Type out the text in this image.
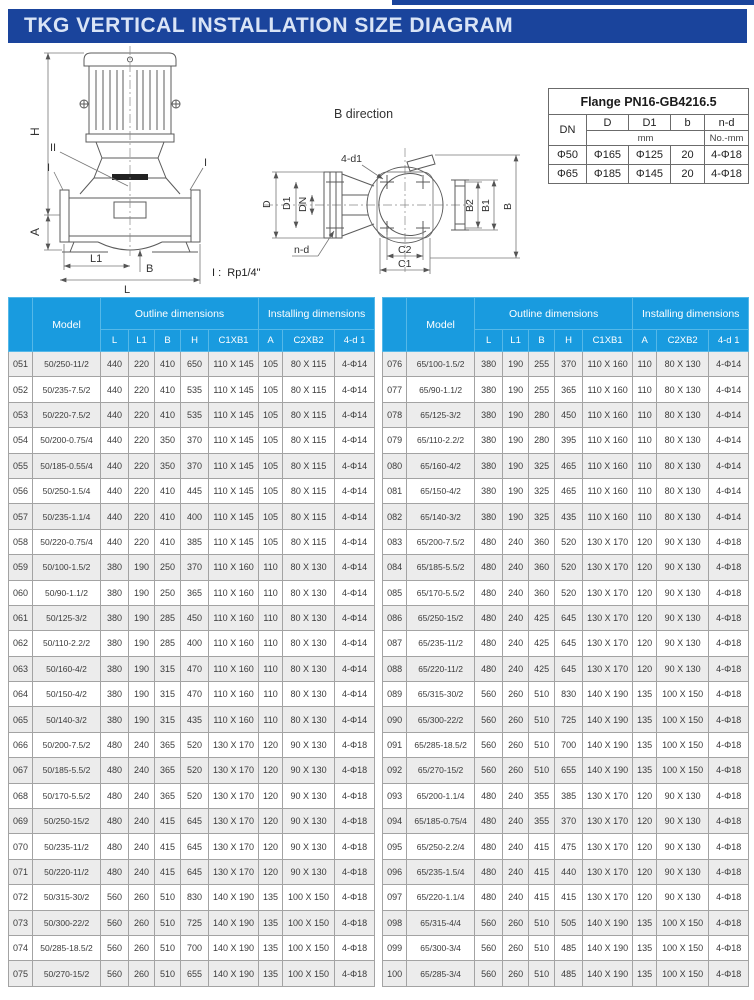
TKG VERTICAL INSTALLATION SIZE DIAGRAM
H
A
L1
L
B
I
II
I

I :  Rp1/4"

B direction
4-d1
n-d
D D1 DN	B2 B1 B
C2
C1
Flange PN16-GB4216.5				
DN	D	D1	b	n-d
	mm			No.-mm
Φ50	Φ165	Φ125	20	4-Φ18
Φ65	Φ185	Φ145	20	4-Φ18
	Model	Outline dimensions					Installing dimensions		
		L	L1	B	H	C1XB1	A	C2XB2	4-d 1
051	50/250-11/2	440	220	410	650	110 X 145	105	80 X 115	4-Φ14
052	50/235-7.5/2	440	220	410	535	110 X 145	105	80 X 115	4-Φ14
053	50/220-7.5/2	440	220	410	535	110 X 145	105	80 X 115	4-Φ14
054	50/200-0.75/4	440	220	350	370	110 X 145	105	80 X 115	4-Φ14
055	50/185-0.55/4	440	220	350	370	110 X 145	105	80 X 115	4-Φ14
056	50/250-1.5/4	440	220	410	445	110 X 145	105	80 X 115	4-Φ14
057	50/235-1.1/4	440	220	410	400	110 X 145	105	80 X 115	4-Φ14
058	50/220-0.75/4	440	220	410	385	110 X 145	105	80 X 115	4-Φ14
059	50/100-1.5/2	380	190	250	370	110 X 160	110	80 X 130	4-Φ14
060	50/90-1.1/2	380	190	250	365	110 X 160	110	80 X 130	4-Φ14
061	50/125-3/2	380	190	285	450	110 X 160	110	80 X 130	4-Φ14
062	50/110-2.2/2	380	190	285	400	110 X 160	110	80 X 130	4-Φ14
063	50/160-4/2	380	190	315	470	110 X 160	110	80 X 130	4-Φ14
064	50/150-4/2	380	190	315	470	110 X 160	110	80 X 130	4-Φ14
065	50/140-3/2	380	190	315	435	110 X 160	110	80 X 130	4-Φ14
066	50/200-7.5/2	480	240	365	520	130 X 170	120	90 X 130	4-Φ18
067	50/185-5.5/2	480	240	365	520	130 X 170	120	90 X 130	4-Φ18
068	50/170-5.5/2	480	240	365	520	130 X 170	120	90 X 130	4-Φ18
069	50/250-15/2	480	240	415	645	130 X 170	120	90 X 130	4-Φ18
070	50/235-11/2	480	240	415	645	130 X 170	120	90 X 130	4-Φ18
071	50/220-11/2	480	240	415	645	130 X 170	120	90 X 130	4-Φ18
072	50/315-30/2	560	260	510	830	140 X 190	135	100 X 150	4-Φ18
073	50/300-22/2	560	260	510	725	140 X 190	135	100 X 150	4-Φ18
074	50/285-18.5/2	560	260	510	700	140 X 190	135	100 X 150	4-Φ18
075	50/270-15/2	560	260	510	655	140 X 190	135	100 X 150	4-Φ18
	Model	Outline dimensions					Installing dimensions		
		L	L1	B	H	C1XB1	A	C2XB2	4-d 1
076	65/100-1.5/2	380	190	255	370	110 X 160	110	80 X 130	4-Φ14
077	65/90-1.1/2	380	190	255	365	110 X 160	110	80 X 130	4-Φ14
078	65/125-3/2	380	190	280	450	110 X 160	110	80 X 130	4-Φ14
079	65/110-2.2/2	380	190	280	395	110 X 160	110	80 X 130	4-Φ14
080	65/160-4/2	380	190	325	465	110 X 160	110	80 X 130	4-Φ14
081	65/150-4/2	380	190	325	465	110 X 160	110	80 X 130	4-Φ14
082	65/140-3/2	380	190	325	435	110 X 160	110	80 X 130	4-Φ14
083	65/200-7.5/2	480	240	360	520	130 X 170	120	90 X 130	4-Φ18
084	65/185-5.5/2	480	240	360	520	130 X 170	120	90 X 130	4-Φ18
085	65/170-5.5/2	480	240	360	520	130 X 170	120	90 X 130	4-Φ18
086	65/250-15/2	480	240	425	645	130 X 170	120	90 X 130	4-Φ18
087	65/235-11/2	480	240	425	645	130 X 170	120	90 X 130	4-Φ18
088	65/220-11/2	480	240	425	645	130 X 170	120	90 X 130	4-Φ18
089	65/315-30/2	560	260	510	830	140 X 190	135	100 X 150	4-Φ18
090	65/300-22/2	560	260	510	725	140 X 190	135	100 X 150	4-Φ18
091	65/285-18.5/2	560	260	510	700	140 X 190	135	100 X 150	4-Φ18
092	65/270-15/2	560	260	510	655	140 X 190	135	100 X 150	4-Φ18
093	65/200-1.1/4	480	240	355	385	130 X 170	120	90 X 130	4-Φ18
094	65/185-0.75/4	480	240	355	370	130 X 170	120	90 X 130	4-Φ18
095	65/250-2.2/4	480	240	415	475	130 X 170	120	90 X 130	4-Φ18
096	65/235-1.5/4	480	240	415	440	130 X 170	120	90 X 130	4-Φ18
097	65/220-1.1/4	480	240	415	415	130 X 170	120	90 X 130	4-Φ18
098	65/315-4/4	560	260	510	505	140 X 190	135	100 X 150	4-Φ18
099	65/300-3/4	560	260	510	485	140 X 190	135	100 X 150	4-Φ18
100	65/285-3/4	560	260	510	485	140 X 190	135	100 X 150	4-Φ18
